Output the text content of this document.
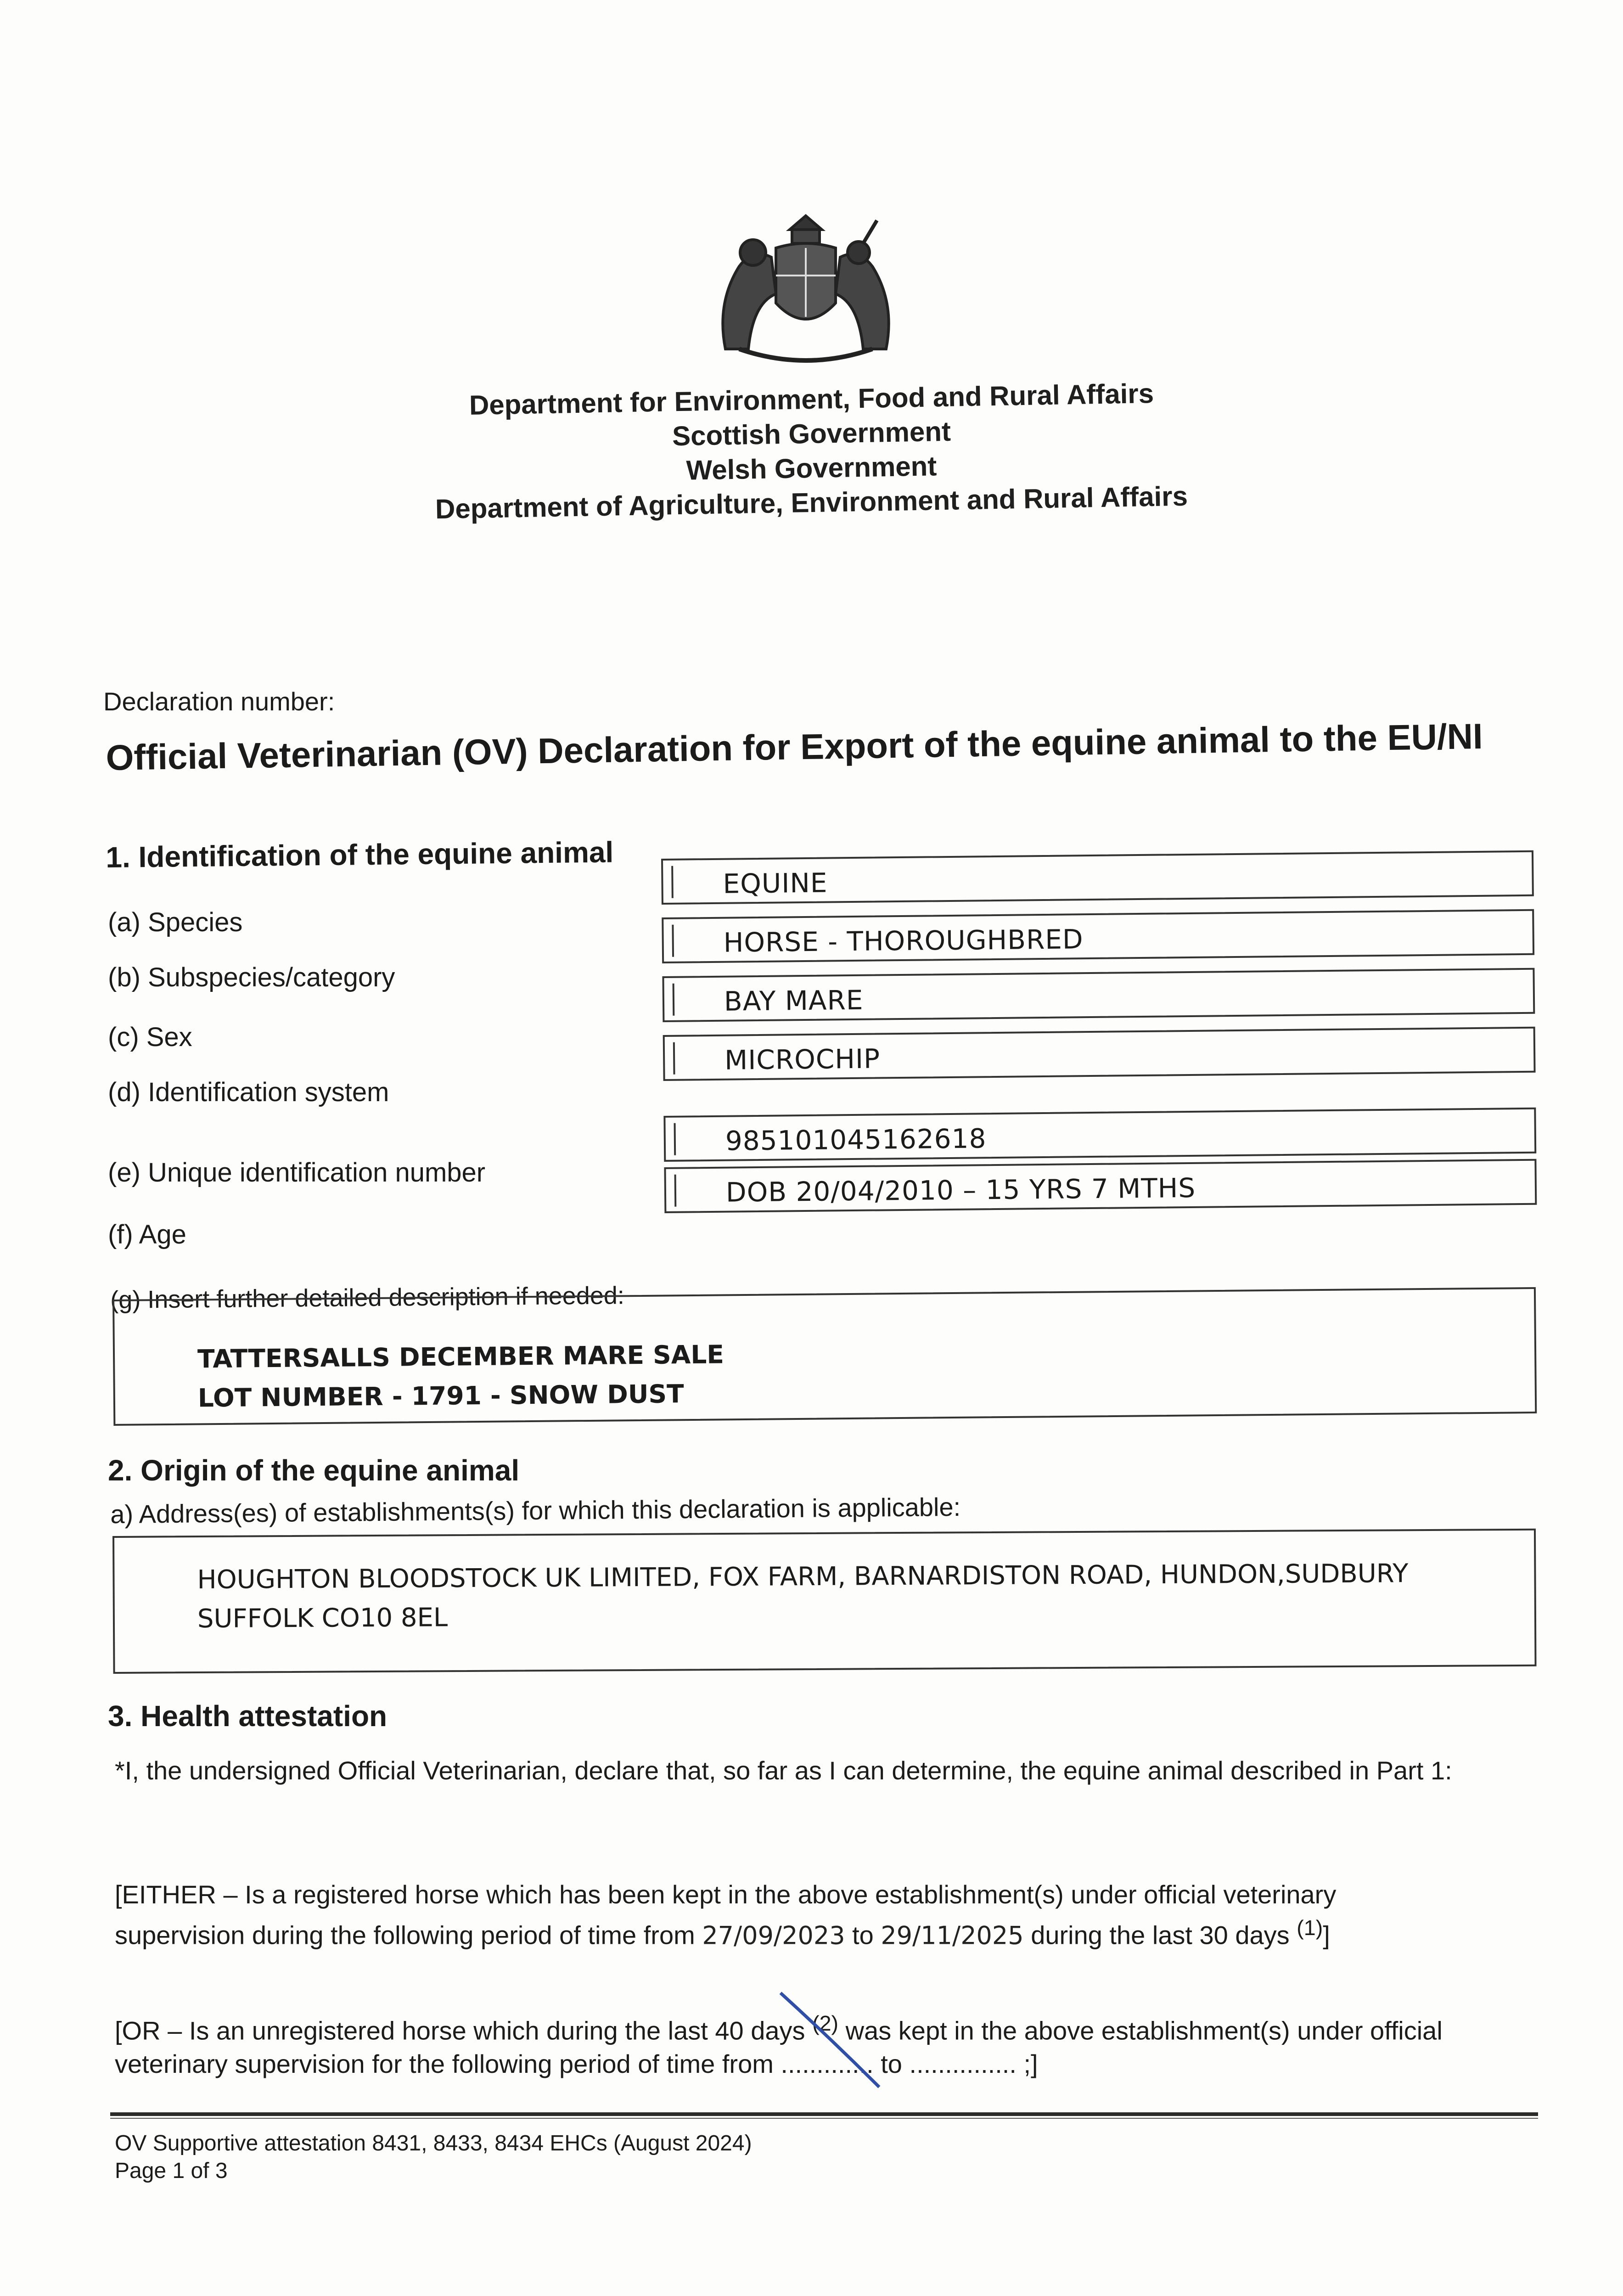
Department for Environment, Food and Rural Affairs
Scottish Government
Welsh Government
Department of Agriculture, Environment and Rural Affairs
Declaration number:
Official Veterinarian (OV) Declaration for Export of the equine animal to the EU/NI
1. Identification of the equine animal
(a) Species
(b) Subspecies/category
(c) Sex
(d) Identification system
(e) Unique identification number
(f) Age
EQUINE
HORSE - THOROUGHBRED
BAY MARE
MICROCHIP
985101045162618
DOB 20/04/2010 – 15 YRS 7 MTHS
(g) Insert further detailed description if needed:
TATTERSALLS DECEMBER MARE SALE
LOT NUMBER - 1791 - SNOW DUST
2. Origin of the equine animal
a) Address(es) of establishments(s) for which this declaration is applicable:
HOUGHTON BLOODSTOCK UK LIMITED, FOX FARM, BARNARDISTON ROAD, HUNDON,SUDBURY
SUFFOLK CO10 8EL
3. Health attestation
*I, the undersigned Official Veterinarian, declare that, so far as I can determine, the equine animal described in Part 1:
[EITHER – Is a registered horse which has been kept in the above establishment(s) under official veterinary
supervision during the following period of time from 27/09/2023 to 29/11/2025 during the last 30 days $^{(1)}$]
[OR – Is an unregistered horse which during the last 40 days $^{(2)}$ was kept in the above establishment(s) under official
veterinary supervision for the following period of time from ............. to ............... ;]
OV Supportive attestation 8431, 8433, 8434 EHCs (August 2024)
Page 1 of 3
